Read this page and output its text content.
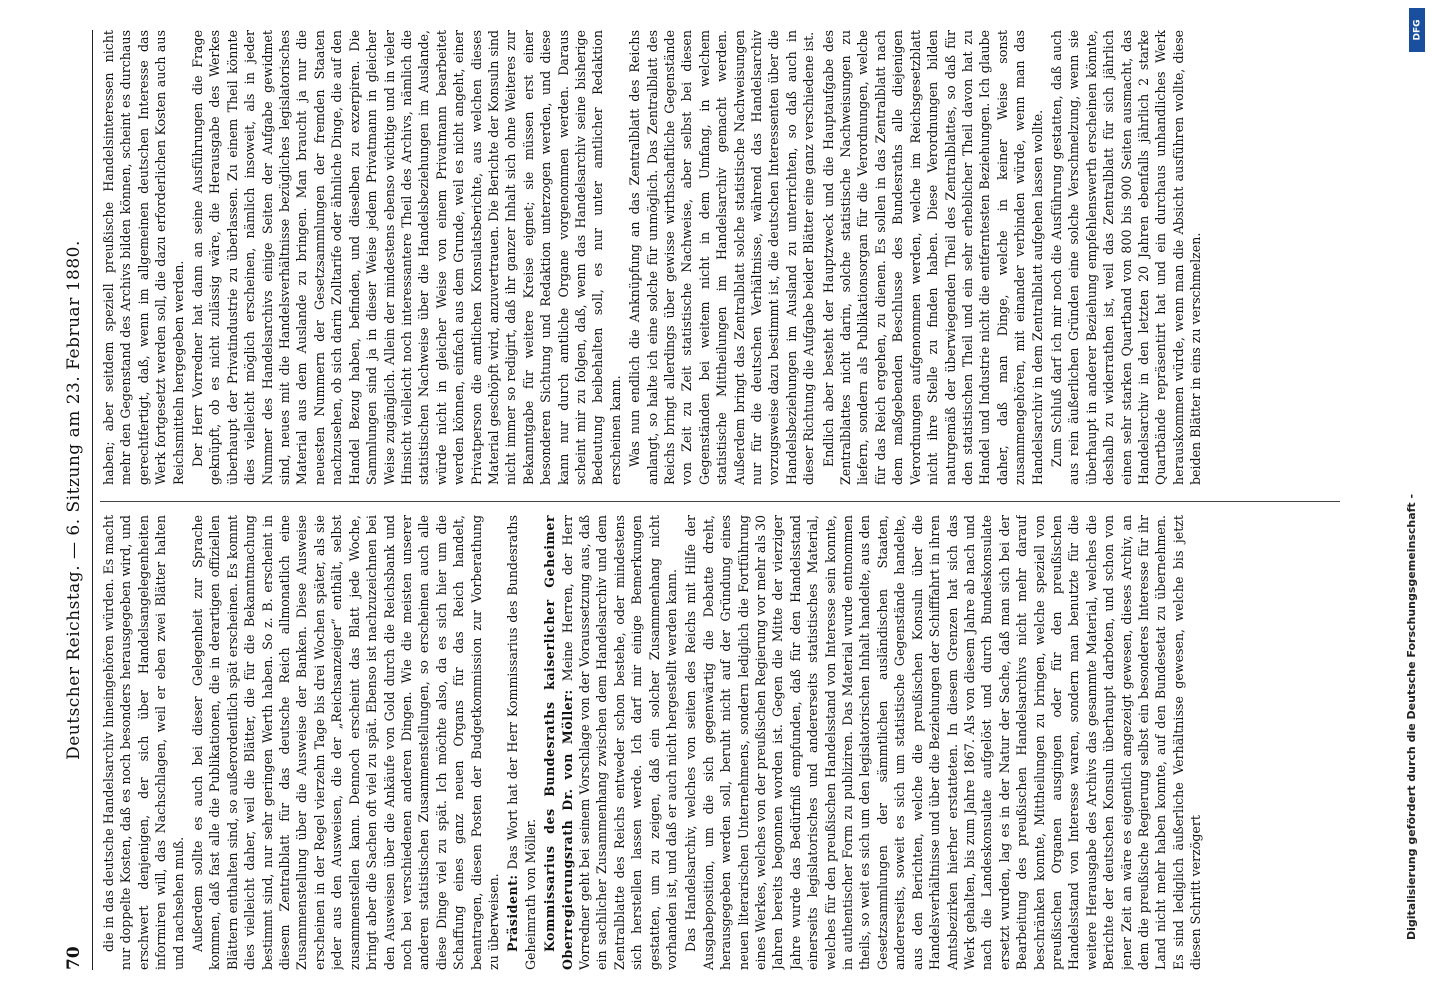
70
Deutscher Reichstag. — 6. Sitzung am 23. Februar 1880. die in das deutsche Handelsarchiv hineingehören würden. Es macht nur doppelte Kosten, daß es noch besonders herausgegeben wird, und erschwert denjenigen, der sich über Handelsangelegenheiten informiren will, das Nachschlagen, weil er eben zwei Blätter halten und nachsehen muß. Außerdem sollte es auch bei dieser Gelegenheit zur Sprache kommen, daß fast alle die Publikationen, die in derartigen offiziellen Blättern enthalten sind, so außerordentlich spät erscheinen. Es kommt dies vielleicht daher, weil die Blätter, die für die Bekanntmachung bestimmt sind, nur sehr geringen Werth haben. So z. B. erscheint in diesem Zentralblatt für das deutsche Reich allmonatlich eine Zusammenstellung über die Ausweise der Banken. Diese Ausweise erscheinen in der Regel vierzehn Tage bis drei Wochen später, als sie jeder aus den Ausweisen, die der „Reichsanzeiger“ enthält, selbst zusammenstellen kann. Dennoch erscheint das Blatt jede Woche, bringt aber die Sachen oft viel zu spät. Ebenso ist nachzuzeichnen bei den Ausweisen über die Ankäufe von Gold durch die Reichsbank und noch bei verschiedenen anderen Dingen. Wie die meisten unserer anderen statistischen Zusammenstellungen, so erscheinen auch alle diese Dinge viel zu spät. Ich möchte also, da es sich hier um die Schaffung eines ganz neuen Organs für das Reich handelt, beantragen, diesen Posten der Budgetkommission zur Vorberathung zu überweisen. Präsident: Das Wort hat der Herr Kommissarius des Bundesraths Geheimrath von Möller. Kommissarius des Bundesraths kaiserlicher Geheimer Oberregierungsrath Dr. von Möller: Meine Herren, der Herr Vorredner geht bei seinem Vorschlage von der Voraussetzung aus, daß ein sachlicher Zusammenhang zwischen dem Handelsarchiv und dem Zentralblatte des Reichs entweder schon bestehe, oder mindestens sich herstellen lassen werde. Ich darf mir einige Bemerkungen gestatten, um zu zeigen, daß ein solcher Zusammenhang nicht vorhanden ist, und daß er auch nicht hergestellt werden kann. Das Handelsarchiv, welches von seiten des Reichs mit Hilfe der Ausgabeposition, um die sich gegenwärtig die Debatte dreht, herausgegeben werden soll, beruht nicht auf der Gründung eines neuen literarischen Unternehmens, sondern lediglich die Fortführung eines Werkes, welches von der preußischen Regierung vor mehr als 30 Jahren bereits begonnen worden ist. Gegen die Mitte der vierziger Jahre wurde das Bedürfniß empfunden, daß für den Handelsstand einerseits legislatorisches und andererseits statistisches Material, welches für den preußischen Handelsstand von Interesse sein konnte, in authentischer Form zu publiziren. Das Material wurde entnommen theils, so weit es sich um den legislatorischen Inhalt handelte, aus den Gesetzsammlungen der sämmtlichen ausländischen Staaten, andererseits, soweit es sich um statistische Gegenstände handelte, aus den Berichten, welche die preußischen Konsuln über die Handelsverhältnisse und über die Beziehungen der Schifffahrt in ihren Amtsbezirken hierher erstatteten. In diesem Grenzen hat sich das Werk gehalten, bis zum Jahre 1867. Als von diesem Jahre ab nach und nach die Landeskonsulate aufgelöst und durch Bundeskonsulate ersetzt wurden, lag es in der Natur der Sache, daß man sich bei der Bearbeitung des preußischen Handelsarchivs nicht mehr darauf beschränken konnte, Mittheilungen zu bringen, welche speziell von preußischen Organen ausgingen oder für den preußischen Handelsstand von Interesse waren, sondern man benutzte für die weitere Herausgabe des Archivs das gesammte Material, welches die Berichte der deutschen Konsuln überhaupt darboten, und schon von jener Zeit an wäre es eigentlich angezeigt gewesen, dieses Archiv, an dem die preußische Regierung selbst ein besonderes Interesse für ihr Land nicht mehr haben konnte, auf den Bundesetat zu übernehmen. Es sind lediglich äußerliche Verhältnisse gewesen, welche bis jetzt diesen Schritt verzögert

haben; aber seitdem speziell preußische Handelsinteressen nicht mehr den Gegenstand des Archivs bilden können, scheint es durchaus gerechtfertigt, daß, wenn im allgemeinen deutschen Interesse das Werk fortgesetzt werden soll, die dazu erforderlichen Kosten auch aus Reichsmitteln hergegeben werden. Der Herr Vorredner hat dann an seine Ausführungen die Frage geknüpft, ob es nicht zulässig wäre, die Herausgabe des Werkes überhaupt der Privatindustrie zu überlassen. Zu einem Theil könnte dies vielleicht möglich erscheinen, nämlich insoweit, als in jeder Nummer des Handelsarchivs einige Seiten der Aufgabe gewidmet sind, neues mit die Handelsverhältnisse bezügliches legislatorisches Material aus dem Auslande zu bringen. Man braucht ja nur die neuesten Nummern der Gesetzsammlungen der fremden Staaten nachzusehen, ob sich darin Zolltarife oder ähnliche Dinge, die auf den Handel Bezug haben, befinden, und dieselben zu exzerpiren. Die Sammlungen sind ja in dieser Weise jedem Privatmann in gleicher Weise zugänglich. Allein der mindestens ebenso wichtige und in vieler Hinsicht vielleicht noch interessantere Theil des Archivs, nämlich die statistischen Nachweise über die Handelsbeziehungen im Auslande, würde nicht in gleicher Weise von einem Privatmann bearbeitet werden können, einfach aus dem Grunde, weil es nicht angeht, einer Privatperson die amtlichen Konsulatsberichte, aus welchen dieses Material geschöpft wird, anzuvertrauen. Die Berichte der Konsuln sind nicht immer so redigirt, daß ihr ganzer Inhalt sich ohne Weiteres zur Bekanntgabe für weitere Kreise eignet; sie müssen erst einer besonderen Sichtung und Redaktion unterzogen werden, und diese kann nur durch amtliche Organe vorgenommen werden. Daraus scheint mir zu folgen, daß, wenn das Handelsarchiv seine bisherige Bedeutung beibehalten soll, es nur unter amtlicher Redaktion erscheinen kann. Was nun endlich die Anknüpfung an das Zentralblatt des Reichs anlangt, so halte ich eine solche für unmöglich. Das Zentralblatt des Reichs bringt allerdings über gewisse wirthschaftliche Gegenstände von Zeit zu Zeit statistische Nachweise, aber selbst bei diesen Gegenständen bei weitem nicht in dem Umfang, in welchem statistische Mittheilungen im Handelsarchiv gemacht werden. Außerdem bringt das Zentralblatt solche statistische Nachweisungen nur für die deutschen Verhältnisse, während das Handelsarchiv vorzugsweise dazu bestimmt ist, die deutschen Interessenten über die Handelsbeziehungen im Ausland zu unterrichten, so daß auch in dieser Richtung die Aufgabe beider Blätter eine ganz verschiedene ist. Endlich aber besteht der Hauptzweck und die Hauptaufgabe des Zentralblattes nicht darin, solche statistische Nachweisungen zu liefern, sondern als Publikationsorgan für die Verordnungen, welche für das Reich ergehen, zu dienen. Es sollen in das Zentralblatt nach dem maßgebenden Beschlusse des Bundesraths alle diejenigen Verordnungen aufgenommen werden, welche im Reichsgesetzblatt nicht ihre Stelle zu finden haben. Diese Verordnungen bilden naturgemäß der überwiegenden Theil des Zentralblattes, so daß für den statistischen Theil und ein sehr erheblicher Theil davon hat zu Handel und Industrie nicht die entferntesten Beziehungen. Ich glaube daher, daß man Dinge, welche in keiner Weise sonst zusammengehören, mit einander verbinden würde, wenn man das Handelsarchiv in dem Zentralblatt aufgehen lassen wollte. Zum Schluß darf ich mir noch die Ausführung gestatten, daß auch aus rein äußerlichen Gründen eine solche Verschmelzung, wenn sie überhaupt in anderer Beziehung empfehlenswerth erscheinen könnte, deshalb zu widerrathen ist, weil das Zentralblatt für sich jährlich einen sehr starken Quartband von 800 bis 900 Seiten ausmacht, das Handelsarchiv in den letzten 20 Jahren ebenfalls jährlich 2 starke Quartbände repräsentirt hat und ein durchaus unhandliches Werk herauskommen würde, wenn man die Absicht ausführen wollte, diese beiden Blätter in eins zu verschmelzen.

Digitalisierung gefördert durch die Deutsche Forschungsgemeinschaft -
DFG
